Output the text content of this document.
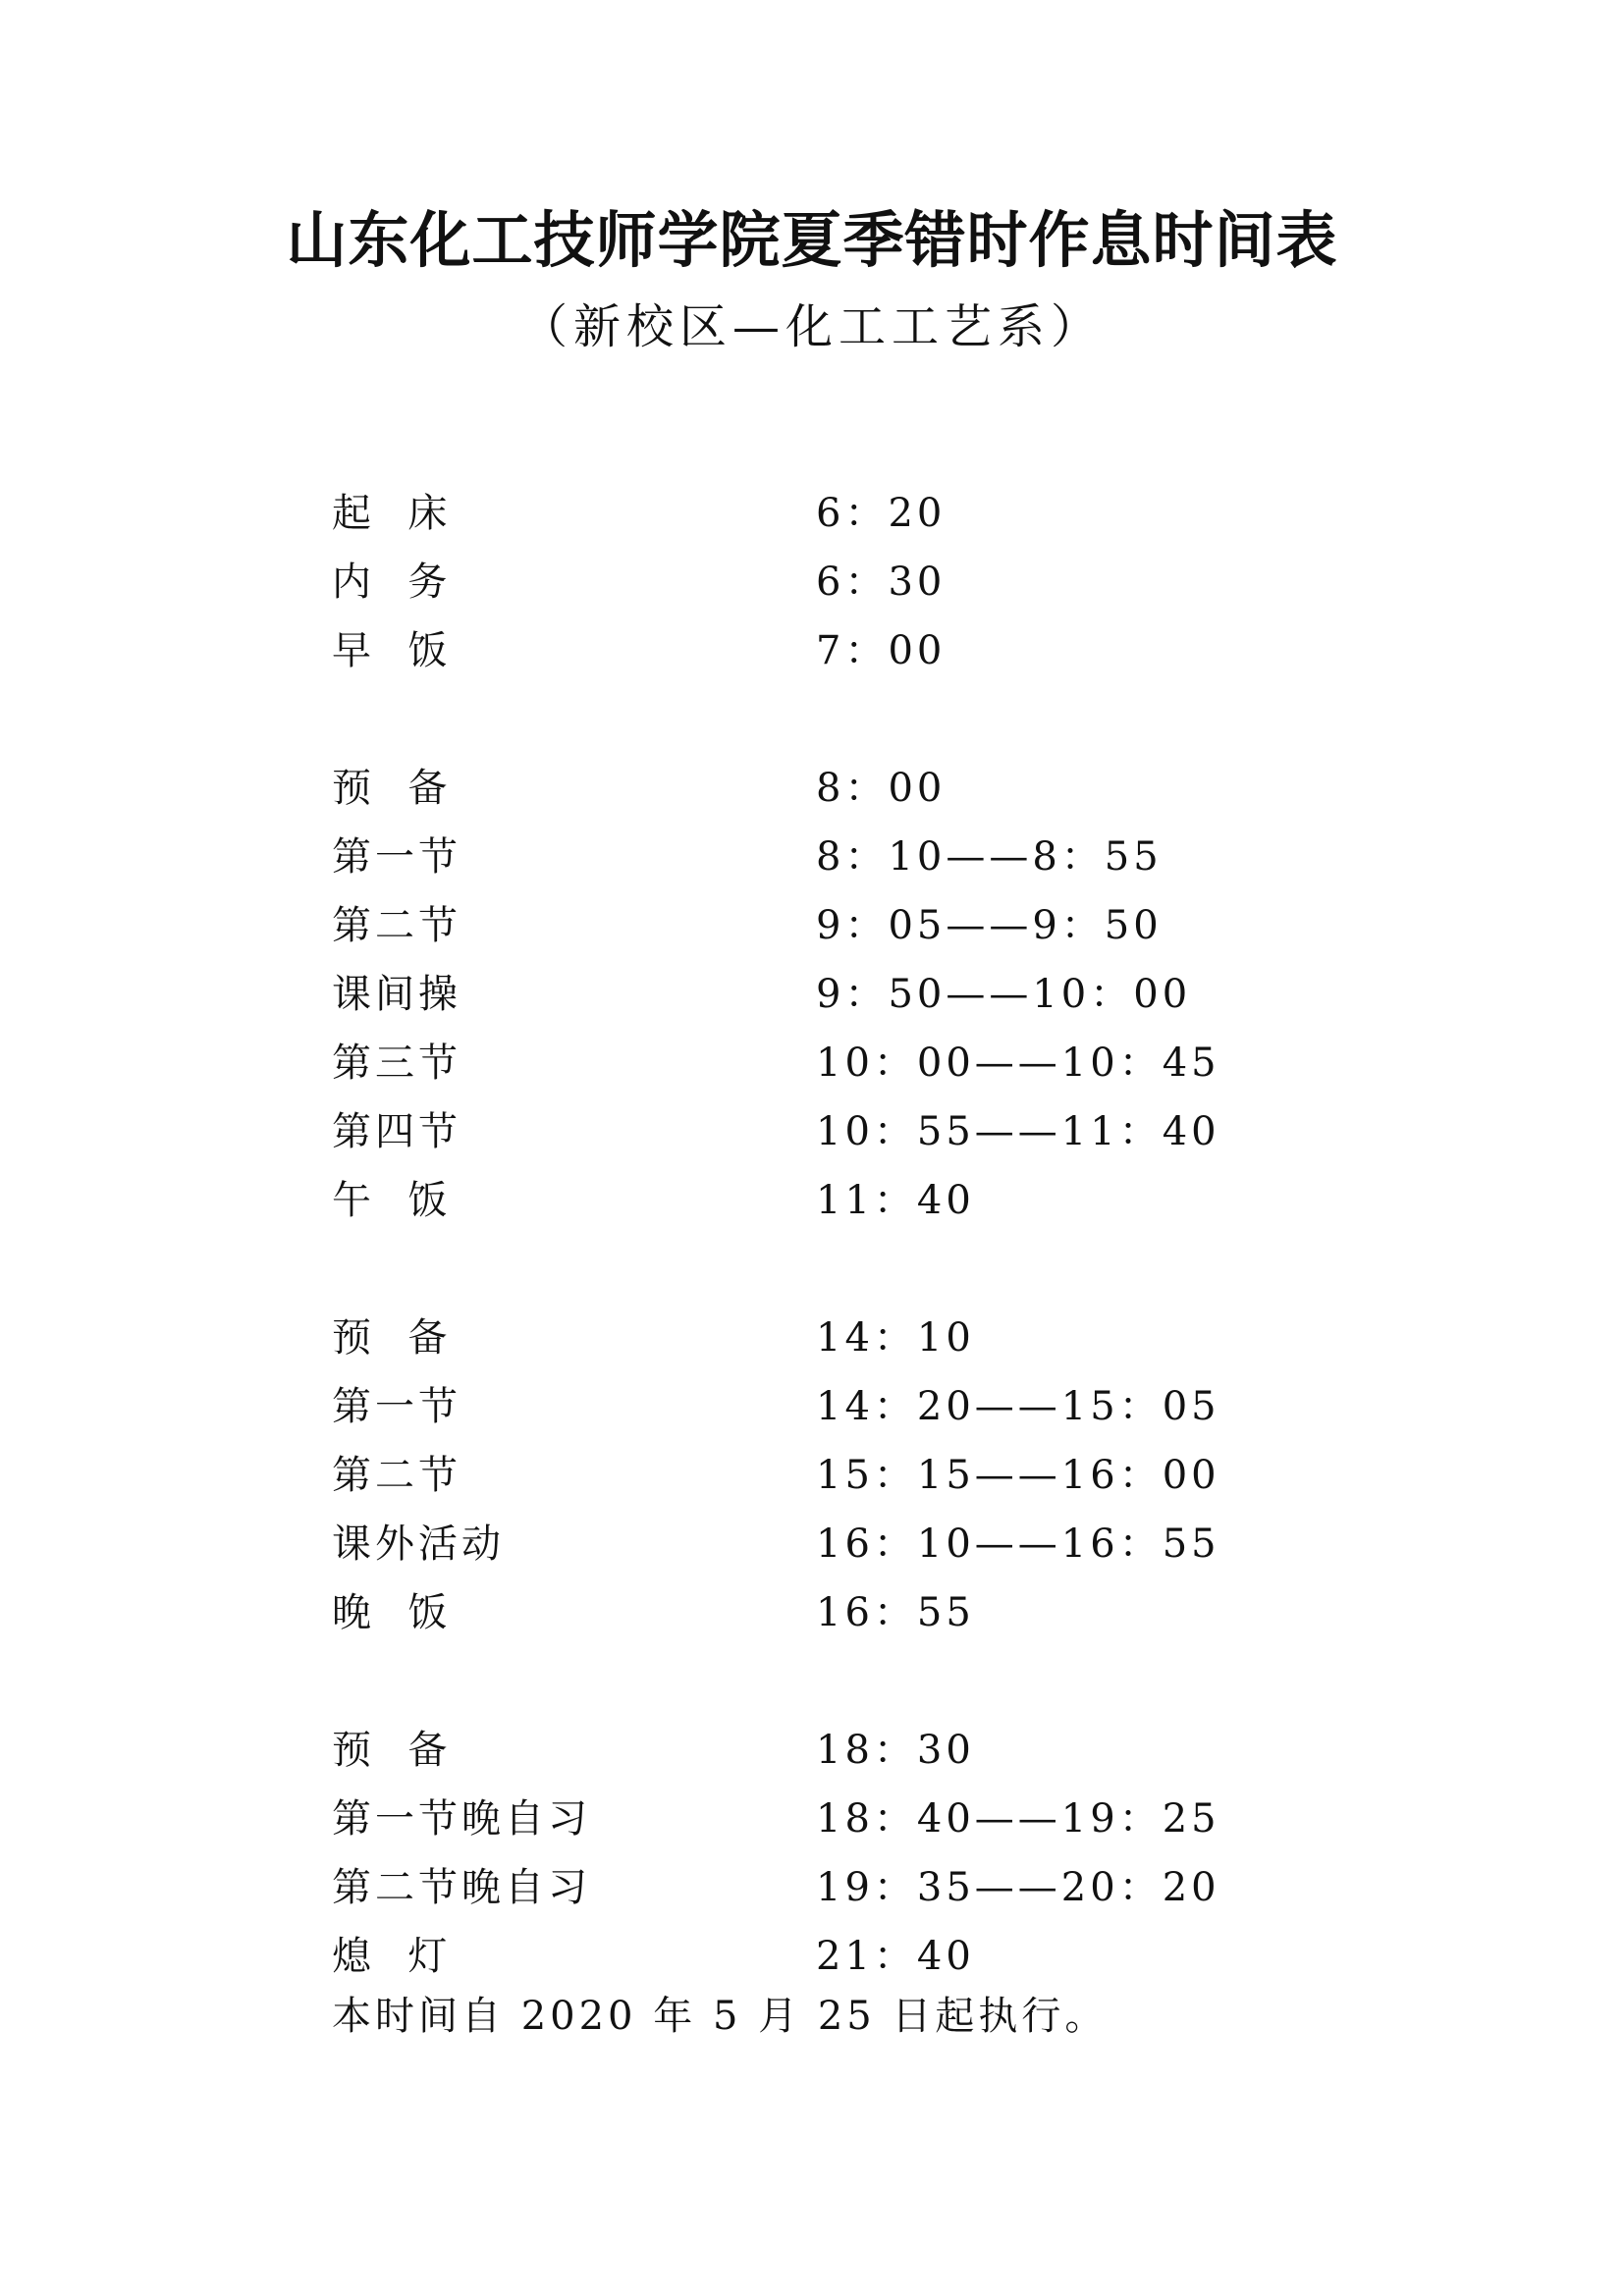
山东化工技师学院夏季错时作息时间表
（新校区—化工工艺系）
起  床	6：20
内  务	6：30
早  饭	7：00
预  备	8：00
第一节	8：10——8：55
第二节	9：05——9：50
课间操	9：50——10：00
第三节	10：00——10：45
第四节	10：55——11：40
午  饭	11：40
预  备	14：10
第一节	14：20——15：05
第二节	15：15——16：00
课外活动	16：10——16：55
晚  饭	16：55
预  备	18：30
第一节晚自习	18：40——19：25
第二节晚自习	19：35——20：20
熄  灯	21：40
本时间自 2020 年 5 月 25 日起执行。
